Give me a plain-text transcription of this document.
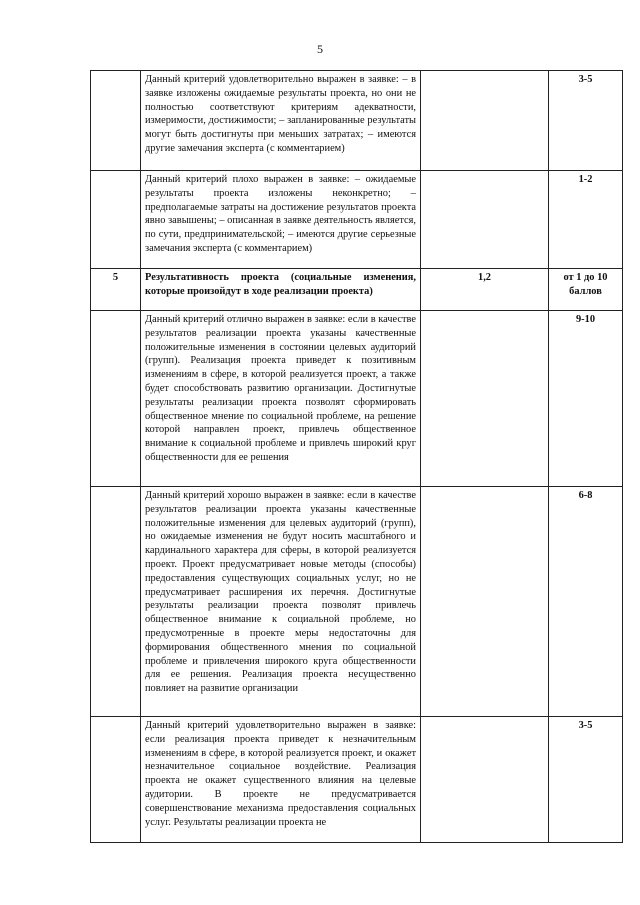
5
	Данный критерий удовлетворительно выражен в заявке: – в заявке изложены ожидаемые результаты проекта, но они не полностью соответствуют критериям адекватности, измеримости, достижимости; – запланированные результаты могут быть достигнуты при меньших затратах; – имеются другие замечания эксперта (с комментарием)		3-5
	Данный критерий плохо выражен в заявке: – ожидаемые результаты проекта изложены неконкретно; – предполагаемые затраты на достижение результатов проекта явно завышены; – описанная в заявке деятельность является, по сути, предпринимательской; – имеются другие серьезные замечания эксперта (с комментарием)		1-2
5	Результативность проекта (социальные изменения, которые произойдут в ходе реализации проекта)	1,2	от 1 до 10 баллов
	Данный критерий отлично выражен в заявке: если в качестве результатов реализации проекта указаны качественные положительные изменения в состоянии целевых аудиторий (групп). Реализация проекта приведет к позитивным изменениям в сфере, в которой реализуется проект, а также будет способствовать развитию организации. Достигнутые результаты реализации проекта позволят сформировать общественное мнение по социальной проблеме, на решение которой направлен проект, привлечь общественное внимание к социальной проблеме и привлечь широкий круг общественности для ее решения		9-10
	Данный критерий хорошо выражен в заявке: если в качестве результатов реализации проекта указаны качественные положительные изменения для целевых аудиторий (групп), но ожидаемые изменения не будут носить масштабного и кардинального характера для сферы, в которой реализуется проект. Проект предусматривает новые методы (способы) предоставления существующих социальных услуг, но не предусматривает расширения их перечня. Достигнутые результаты реализации проекта позволят привлечь общественное внимание к социальной проблеме, но предусмотренные в проекте меры недостаточны для формирования общественного мнения по социальной проблеме и привлечения широкого круга общественности для ее решения. Реализация проекта несущественно повлияет на развитие организации		6-8
	Данный критерий удовлетворительно выражен в заявке: если реализация проекта приведет к незначительным изменениям в сфере, в которой реализуется проект, и окажет незначительное социальное воздействие. Реализация проекта не окажет существенного влияния на целевые аудитории. В проекте не предусматривается совершенствование механизма предоставления социальных услуг. Результаты реализации проекта не		3-5
